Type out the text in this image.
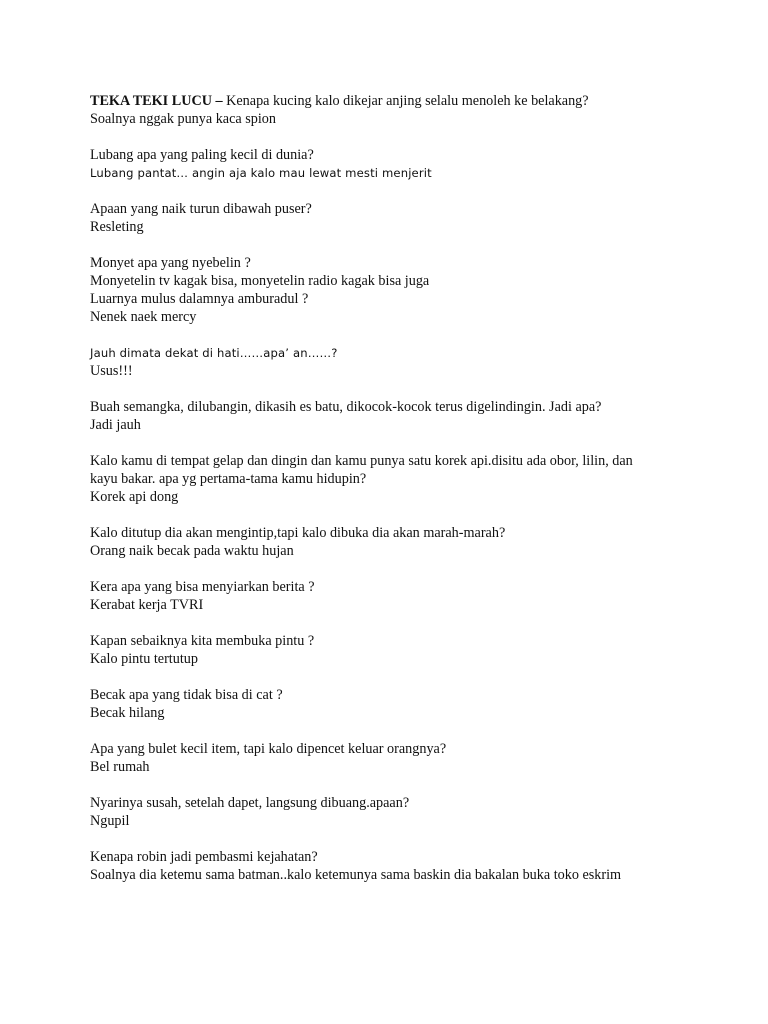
TEKA TEKI LUCU – Kenapa kucing kalo dikejar anjing selalu menoleh ke belakang?
Soalnya nggak punya kaca spion
Lubang apa yang paling kecil di dunia?
Lubang pantat… angin aja kalo mau lewat mesti menjerit
Apaan yang naik turun dibawah puser?
Resleting
Monyet apa yang nyebelin ?
Monyetelin tv kagak bisa, monyetelin radio kagak bisa juga
Luarnya mulus dalamnya amburadul ?
Nenek naek mercy
Jauh dimata dekat di hati……apa’ an……?
Usus!!!
Buah semangka, dilubangin, dikasih es batu, dikocok-kocok terus digelindingin. Jadi apa?
Jadi jauh
Kalo kamu di tempat gelap dan dingin dan kamu punya satu korek api.disitu ada obor, lilin, dan
kayu bakar. apa yg pertama-tama kamu hidupin?
Korek api dong
Kalo ditutup dia akan mengintip,tapi kalo dibuka dia akan marah-marah?
Orang naik becak pada waktu hujan
Kera apa yang bisa menyiarkan berita ?
Kerabat kerja TVRI
Kapan sebaiknya kita membuka pintu ?
Kalo pintu tertutup
Becak apa yang tidak bisa di cat ?
Becak hilang
Apa yang bulet kecil item, tapi kalo dipencet keluar orangnya?
Bel rumah
Nyarinya susah, setelah dapet, langsung dibuang.apaan?
Ngupil
Kenapa robin jadi pembasmi kejahatan?
Soalnya dia ketemu sama batman..kalo ketemunya sama baskin dia bakalan buka toko eskrim
